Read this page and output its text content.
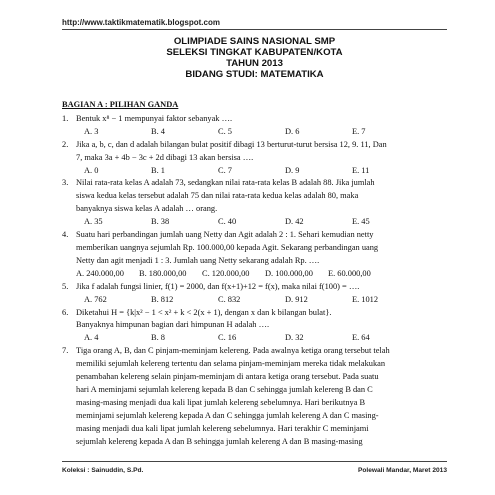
http://www.taktikmatematik.blogspot.com
OLIMPIADE SAINS NASIONAL SMP
SELEKSI TINGKAT KABUPATEN/KOTA
TAHUN 2013
BIDANG STUDI: MATEMATIKA
BAGIAN A : PILIHAN GANDA
1. Bentuk x⁸ − 1 mempunyai faktor sebanyak ….
A. 3	B. 4	C. 5	D. 6	E. 7
2. Jika a, b, c, dan d adalah bilangan bulat positif dibagi 13 berturut-turut bersisa 12, 9. 11, Dan
7, maka 3a + 4b − 3c + 2d dibagi 13 akan bersisa ….
A. 0	B. 1	C. 7	D. 9	E. 11
3. Nilai rata-rata kelas A adalah 73, sedangkan nilai rata-rata kelas B adalah 88. Jika jumlah
siswa kedua kelas tersebut adalah 75 dan nilai rata-rata kedua kelas adalah 80, maka
banyaknya siswa kelas A adalah … orang.
A. 35	B. 38	C. 40	D. 42	E. 45
4. Suatu hari perbandingan jumlah uang Netty dan Agit adalah 2 : 1. Sehari kemudian netty
memberikan uangnya sejumlah Rp. 100.000,00 kepada Agit. Sekarang perbandingan uang
Netty dan agit menjadi 1 : 3. Jumlah uang Netty sekarang adalah Rp. ….
A. 240.000,00	B. 180.000,00	C. 120.000,00	D. 100.000,00	E. 60.000,00
5. Jika f adalah fungsi linier, f(1) = 2000, dan f(x+1)+12 = f(x), maka nilai f(100) = ….
A. 762	B. 812	C. 832	D. 912	E. 1012
6. Diketahui H = {k|x² − 1 < x² + k < 2(x + 1), dengan x dan k bilangan bulat}.
Banyaknya himpunan bagian dari himpunan H adalah ….
A. 4	B. 8	C. 16	D. 32	E. 64
7. Tiga orang A, B, dan C pinjam-meminjam kelereng. Pada awalnya ketiga orang tersebut telah
memiliki sejumlah kelereng tertentu dan selama pinjam-meminjam mereka tidak melakukan
penambahan kelereng selain pinjam-meminjam di antara ketiga orang tersebut. Pada suatu
hari A meminjami sejumlah kelereng kepada B dan C sehingga jumlah kelereng B dan C
masing-masing menjadi dua kali lipat jumlah kelereng sebelumnya. Hari berikutnya B
meminjami sejumlah kelereng kepada A dan C sehingga jumlah kelereng A dan C masing-
masing menjadi dua kali lipat jumlah kelereng sebelumnya. Hari terakhir C meminjami
sejumlah kelereng kepada A dan B sehingga jumlah kelereng A dan B masing-masing
Koleksi : Sainuddin, S.Pd.	Polewali Mandar, Maret 2013
